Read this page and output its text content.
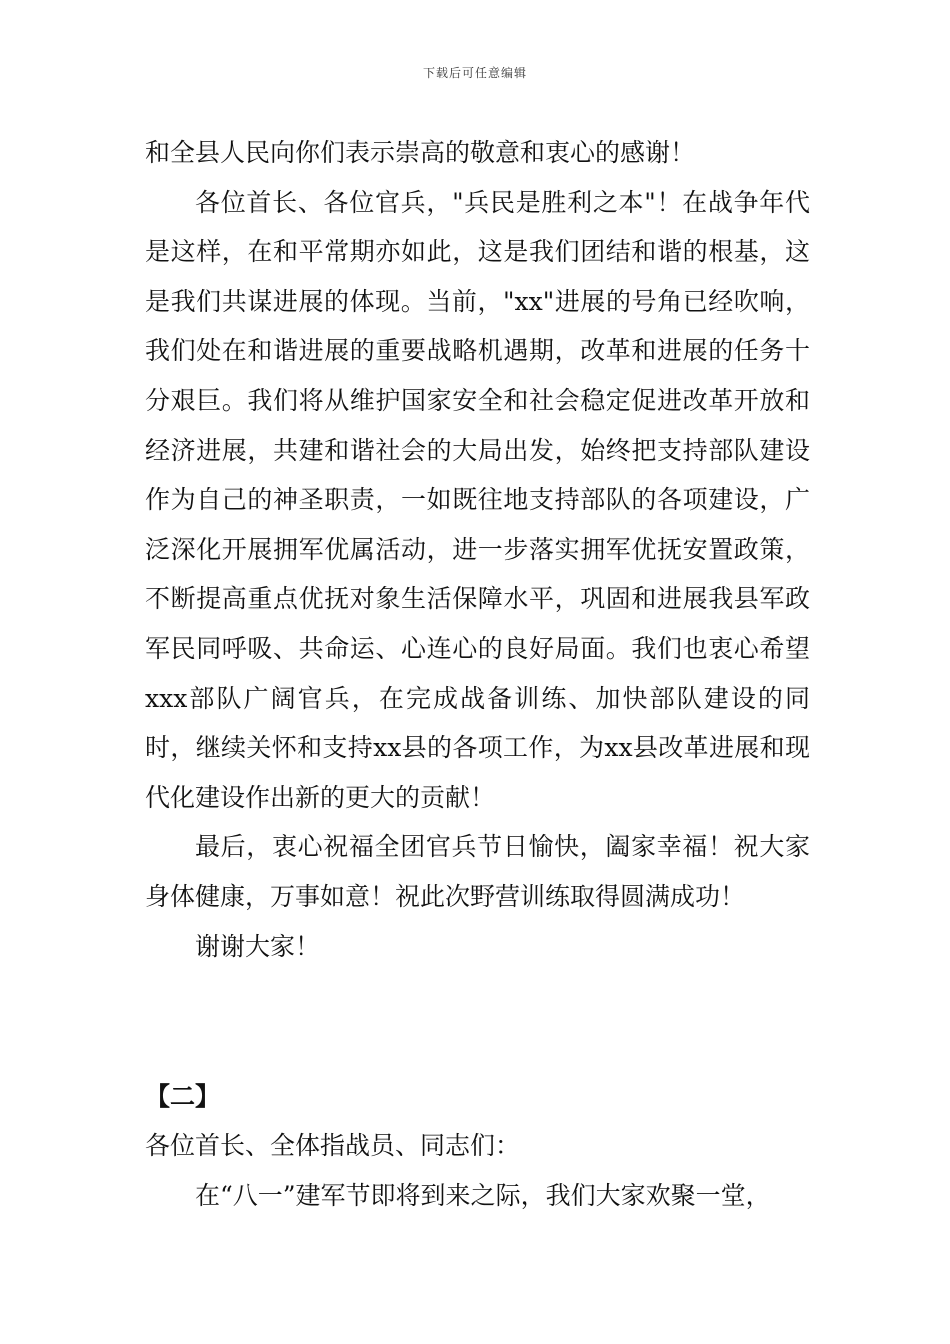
下载后可任意编辑

和全县人民向你们表示崇高的敬意和衷心的感谢！

各位首长、各位官兵，"兵民是胜利之本"！在战争年代是这样，在和平常期亦如此，这是我们团结和谐的根基，这是我们共谋进展的体现。当前，"xx"进展的号角已经吹响，我们处在和谐进展的重要战略机遇期，改革和进展的任务十分艰巨。我们将从维护国家安全和社会稳定促进改革开放和经济进展，共建和谐社会的大局出发，始终把支持部队建设作为自己的神圣职责，一如既往地支持部队的各项建设，广泛深化开展拥军优属活动，进一步落实拥军优抚安置政策，不断提高重点优抚对象生活保障水平，巩固和进展我县军政军民同呼吸、共命运、心连心的良好局面。我们也衷心希望xxx部队广阔官兵，在完成战备训练、加快部队建设的同时，继续关怀和支持xx县的各项工作，为xx县改革进展和现代化建设作出新的更大的贡献！

最后，衷心祝福全团官兵节日愉快，阖家幸福！祝大家身体健康，万事如意！祝此次野营训练取得圆满成功！

谢谢大家！

【二】

各位首长、全体指战员、同志们：

在“八一”建军节即将到来之际，我们大家欢聚一堂，
